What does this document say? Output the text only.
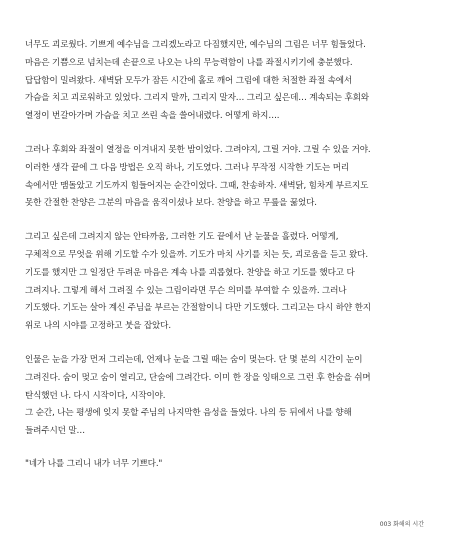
너무도 괴로웠다. 기쁘게 예수님을 그리겠노라고 다짐했지만, 예수님의 그림은 너무 힘들었다.
마음은 기쁨으로 넘치는데 손끝으로 나오는 나의 무능력함이 나를 좌절시키기에 충분했다.
답답함이 밀려왔다. 새벽닭 모두가 잠든 시간에 홀로 깨어 그림에 대한 처절한 좌절 속에서
가슴을 치고 괴로워하고 있었다. 그리지 말까, 그리지 말자… 그리고 싶은데… 계속되는 후회와
열정이 번갈아가며 가슴을 치고 쓰린 속을 쓸어내렸다. 어떻게 하지….
그러나 후회와 좌절이 열정을 이겨내지 못한 밤이었다. 그려야지, 그릴 거야. 그릴 수 있을 거야.
이러한 생각 끝에 그 다음 방법은 오직 하나, 기도였다. 그러나 무작정 시작한 기도는 머리
속에서만 맴돌았고 기도까지 힘들어지는 순간이었다. 그때, 찬송하자. 새벽닭, 힘차게 부르지도
못한 간절한 찬양은 그분의 마음을 움직이셨나 보다. 찬양을 하고 무릎을 꿇었다.
그리고 싶은데 그려지지 않는 안타까움, 그러한 기도 끝에서 난 눈물을 흘렸다. 어떻게,
구체적으로 무엇을 위해 기도할 수가 있을까. 기도가 마치 사기를 치는 듯, 괴로움을 듣고 왔다.
기도를 했지만 그 일정단 두려운 마음은 계속 나를 괴롭혔다. 찬양을 하고 기도를 했다고 다
그려지나. 그렇게 해서 그려질 수 있는 그림이라면 무슨 의미를 부여할 수 있을까. 그러나
기도했다. 기도는 살아 계신 주님을 부르는 간절함이니 다만 기도했다. 그리고는 다시 하얀 한지
위로 나의 시야를 고정하고 붓을 잡았다.
인물은 눈을 가장 먼저 그리는데, 언제나 눈을 그릴 때는 숨이 멎는다. 단 몇 분의 시간이 눈이
그려진다. 숨이 멎고 숨이 열리고, 단숨에 그려간다. 이미 한 장을 잉태으로 그런 후 한숨을 쉬며
탄식했던 나. 다시 시작이다, 시작이야.
그 순간, 나는 평생에 잊지 못할 주님의 나지막한 음성을 들었다. 나의 등 뒤에서 나를 향해
들려주시던 말…
"네가 나를 그리니 내가 너무 기쁘다."
003 화해의 시간
